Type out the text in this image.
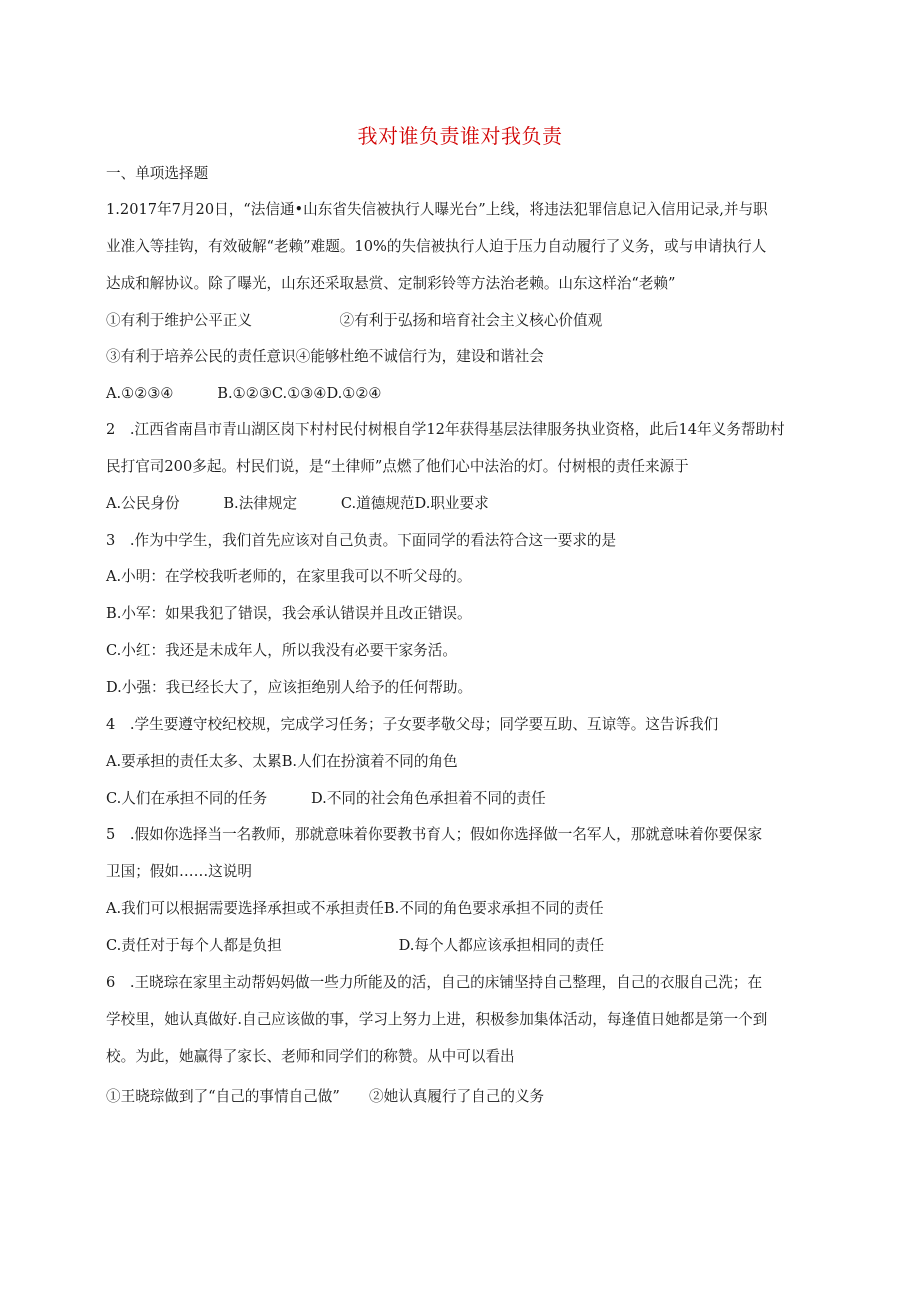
我对谁负责谁对我负责
一、单项选择题
1.2017年7月20日，“法信通•山东省失信被执行人曝光台”上线，将违法犯罪信息记入信用记录,并与职
业准入等挂钩，有效破解“老赖”难题。10%的失信被执行人迫于压力自动履行了义务，或与申请执行人
达成和解协议。除了曝光，山东还采取悬赏、定制彩铃等方法治老赖。山东这样治“老赖”
①有利于维护公平正义　　　　　　②有利于弘扬和培育社会主义核心价值观
③有利于培养公民的责任意识④能够杜绝不诚信行为，建设和谐社会
A.①②③④　　　B.①②③C.①③④D.①②④
2　.江西省南昌市青山湖区岗下村村民付树根自学12年获得基层法律服务执业资格，此后14年义务帮助村
民打官司200多起。村民们说，是“土律师”点燃了他们心中法治的灯。付树根的责任来源于
A.公民身份　　　B.法律规定　　　C.道德规范D.职业要求
3　.作为中学生，我们首先应该对自己负责。下面同学的看法符合这一要求的是
A.小明：在学校我听老师的，在家里我可以不听父母的。
B.小军：如果我犯了错误，我会承认错误并且改正错误。
C.小红：我还是未成年人，所以我没有必要干家务活。
D.小强：我已经长大了，应该拒绝别人给予的任何帮助。
4　.学生要遵守校纪校规，完成学习任务；子女要孝敬父母；同学要互助、互谅等。这告诉我们
A.要承担的责任太多、太累B.人们在扮演着不同的角色
C.人们在承担不同的任务　　　D.不同的社会角色承担着不同的责任
5　.假如你选择当一名教师，那就意味着你要教书育人；假如你选择做一名军人，那就意味着你要保家
卫国；假如……这说明
A.我们可以根据需要选择承担或不承担责任B.不同的角色要求承担不同的责任
C.责任对于每个人都是负担　　　　　　　　D.每个人都应该承担相同的责任
6　.王晓琮在家里主动帮妈妈做一些力所能及的活，自己的床铺坚持自己整理，自己的衣服自己洗；在
学校里，她认真做好.自己应该做的事，学习上努力上进，积极参加集体活动，每逢值日她都是第一个到
校。为此，她赢得了家长、老师和同学们的称赞。从中可以看出
①王晓琮做到了“自己的事情自己做”　　②她认真履行了自己的义务
